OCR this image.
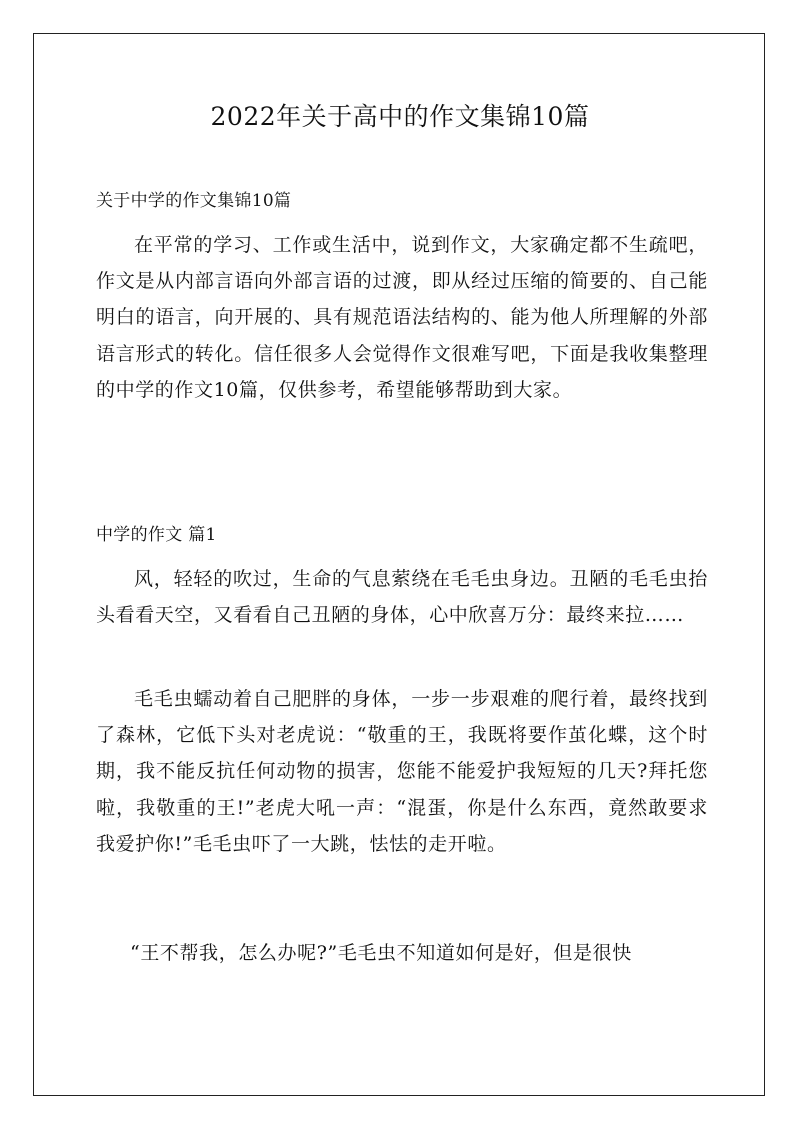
2022年关于高中的作文集锦10篇
关于中学的作文集锦10篇
在平常的学习、工作或生活中，说到作文，大家确定都不生疏吧，作文是从内部言语向外部言语的过渡，即从经过压缩的简要的、自己能明白的语言，向开展的、具有规范语法结构的、能为他人所理解的外部语言形式的转化。信任很多人会觉得作文很难写吧，下面是我收集整理的中学的作文10篇，仅供参考，希望能够帮助到大家。
中学的作文 篇1
风，轻轻的吹过，生命的气息萦绕在毛毛虫身边。丑陋的毛毛虫抬头看看天空，又看看自己丑陋的身体，心中欣喜万分：最终来拉……
毛毛虫蠕动着自己肥胖的身体，一步一步艰难的爬行着，最终找到了森林，它低下头对老虎说：“敬重的王，我既将要作茧化蝶，这个时期，我不能反抗任何动物的损害，您能不能爱护我短短的几天?拜托您啦，我敬重的王!”老虎大吼一声：“混蛋，你是什么东西，竟然敢要求我爱护你!”毛毛虫吓了一大跳，怯怯的走开啦。
“王不帮我，怎么办呢?”毛毛虫不知道如何是好，但是很快
